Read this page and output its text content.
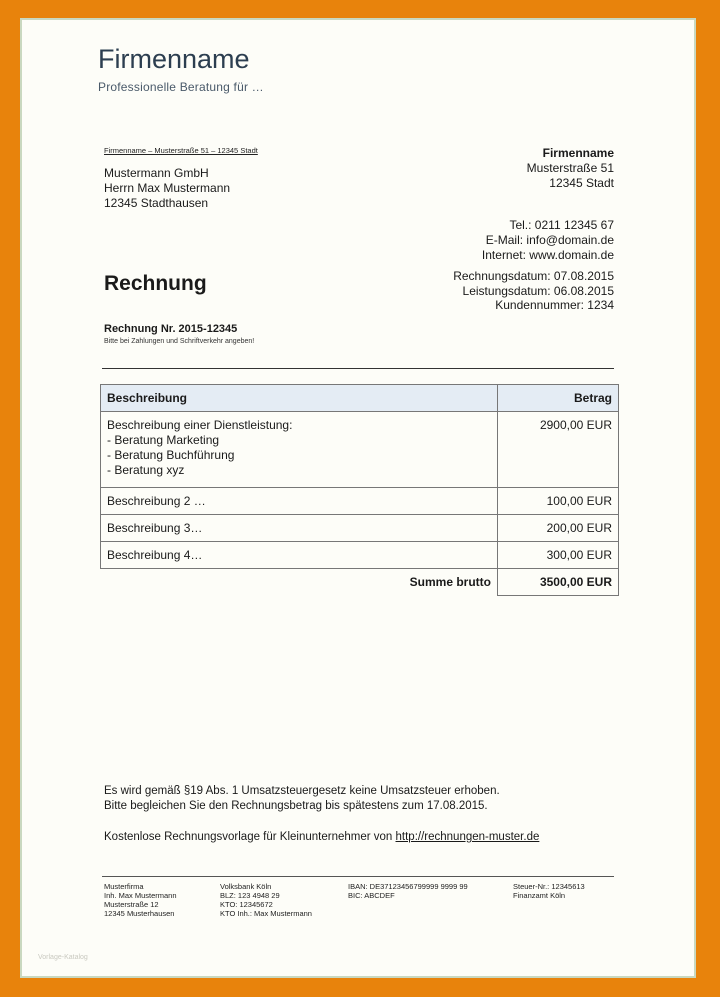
Firmenname
Professionelle Beratung für …
Firmenname – Musterstraße 51 – 12345 Stadt
Mustermann GmbH
Herrn Max Mustermann
12345 Stadthausen
Firmenname
Musterstraße 51
12345 Stadt
Tel.: 0211 12345 67
E-Mail: info@domain.de
Internet: www.domain.de
Rechnung	Rechnungsdatum: 07.08.2015
Leistungsdatum: 06.08.2015
Kundennummer: 1234
Rechnung Nr. 2015-12345
Bitte bei Zahlungen und Schriftverkehr angeben!
Beschreibung	Betrag

Beschreibung einer Dienstleistung:
- Beratung Marketing
- Beratung Buchführung
- Beratung xyz	2900,00 EUR
Beschreibung 2 …	100,00 EUR
Beschreibung 3…	200,00 EUR
Beschreibung 4…	300,00 EUR
Summe brutto	3500,00 EUR
Es wird gemäß §19 Abs. 1 Umsatzsteuergesetz keine Umsatzsteuer erhoben.
Bitte begleichen Sie den Rechnungsbetrag bis spätestens zum 17.08.2015.
Kostenlose Rechnungsvorlage für Kleinunternehmer von http://rechnungen-muster.de
Musterfirma
Inh. Max Mustermann
Musterstraße 12
12345 Musterhausen
Volksbank Köln
BLZ: 123 4948 29
KTO: 12345672
KTO Inh.: Max Mustermann
IBAN: DE37123456799999 9999 99
BIC: ABCDEF
Steuer-Nr.: 12345613
Finanzamt Köln
Vorlage-Katalog
